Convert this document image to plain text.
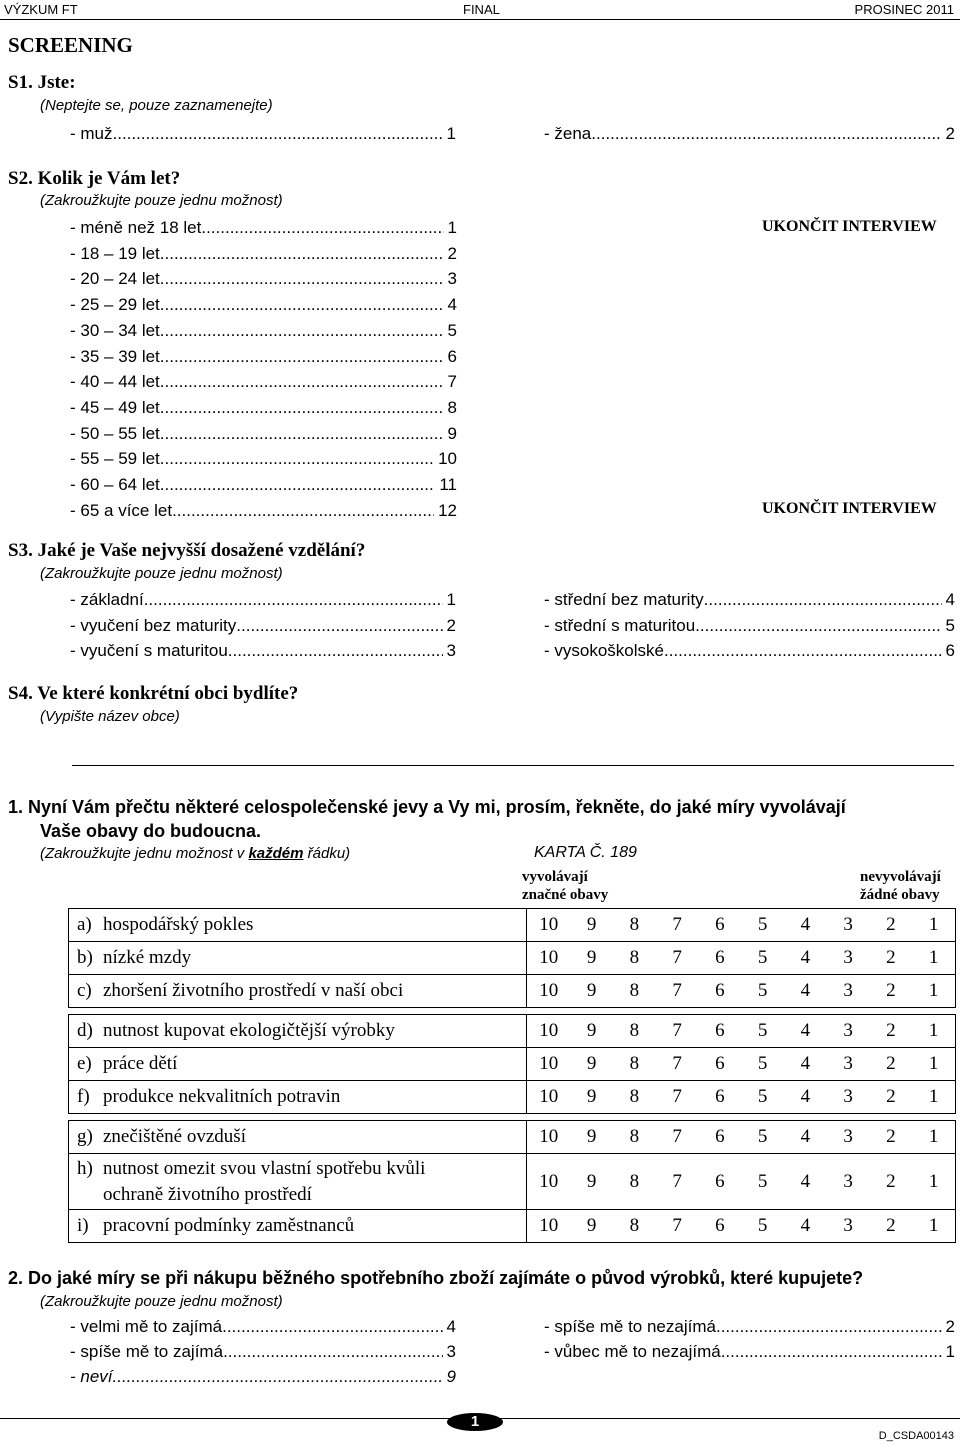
VÝZKUM FT	FINAL	PROSINEC 2011
SCREENING
S1. Jste:
(Neptejte se, pouze zaznamenejte)
- muž .....	1	- žena .....	2
S2. Kolik je Vám let?
(Zakroužkujte pouze jednu možnost)
- méně než 18 let .....	1
- 18 – 19 let .....	2
- 20 – 24 let .....	3
- 25 – 29 let .....	4
- 30 – 34 let .....	5
- 35 – 39 let .....	6
- 40 – 44 let .....	7
- 45 – 49 let .....	8
- 50 – 55 let .....	9
- 55 – 59 let .....	10
- 60 – 64 let .....	11
- 65 a více let .....	12
UKONČIT INTERVIEW
UKONČIT INTERVIEW
S3. Jaké je Vaše nejvyšší dosažené vzdělání?
(Zakroužkujte pouze jednu možnost)
- základní .....	1
- vyučení bez maturity .....	2
- vyučení s maturitou .....	3
- střední bez maturity .....	4
- střední s maturitou .....	5
- vysokoškolské .....	6
S4. Ve které konkrétní obci bydlíte?
(Vypište název obce)
1. Nyní Vám přečtu některé celospolečenské jevy a Vy mi, prosím, řekněte, do jaké míry vyvolávají
Vaše obavy do budoucna.
(Zakroužkujte jednu možnost v každém řádku)	KARTA Č. 189
vyvolávají
značné obavy
nevyvolávají
žádné obavy
a) hospodářský pokles	10	9	8	7	6	5	4	3	2	1
b) nízké mzdy	10	9	8	7	6	5	4	3	2	1
c) zhoršení životního prostředí v naší obci	10	9	8	7	6	5	4	3	2	1

d) nutnost kupovat ekologičtější výrobky	10	9	8	7	6	5	4	3	2	1
e) práce dětí	10	9	8	7	6	5	4	3	2	1
f) produkce nekvalitních potravin	10	9	8	7	6	5	4	3	2	1

g) znečištěné ovzduší	10	9	8	7	6	5	4	3	2	1
h) nutnost omezit svou vlastní spotřebu kvůli
ochraně životního prostředí	10	9	8	7	6	5	4	3	2	1
i) pracovní podmínky zaměstnanců	10	9	8	7	6	5	4	3	2	1
2. Do jaké míry se při nákupu běžného spotřebního zboží zajímáte o původ výrobků, které kupujete?
(Zakroužkujte pouze jednu možnost)
- velmi mě to zajímá .....	4
- spíše mě to zajímá .....	3
- neví .....	9
- spíše mě to nezajímá .....	2
- vůbec mě to nezajímá .....	1
1
D_CSDA00143
